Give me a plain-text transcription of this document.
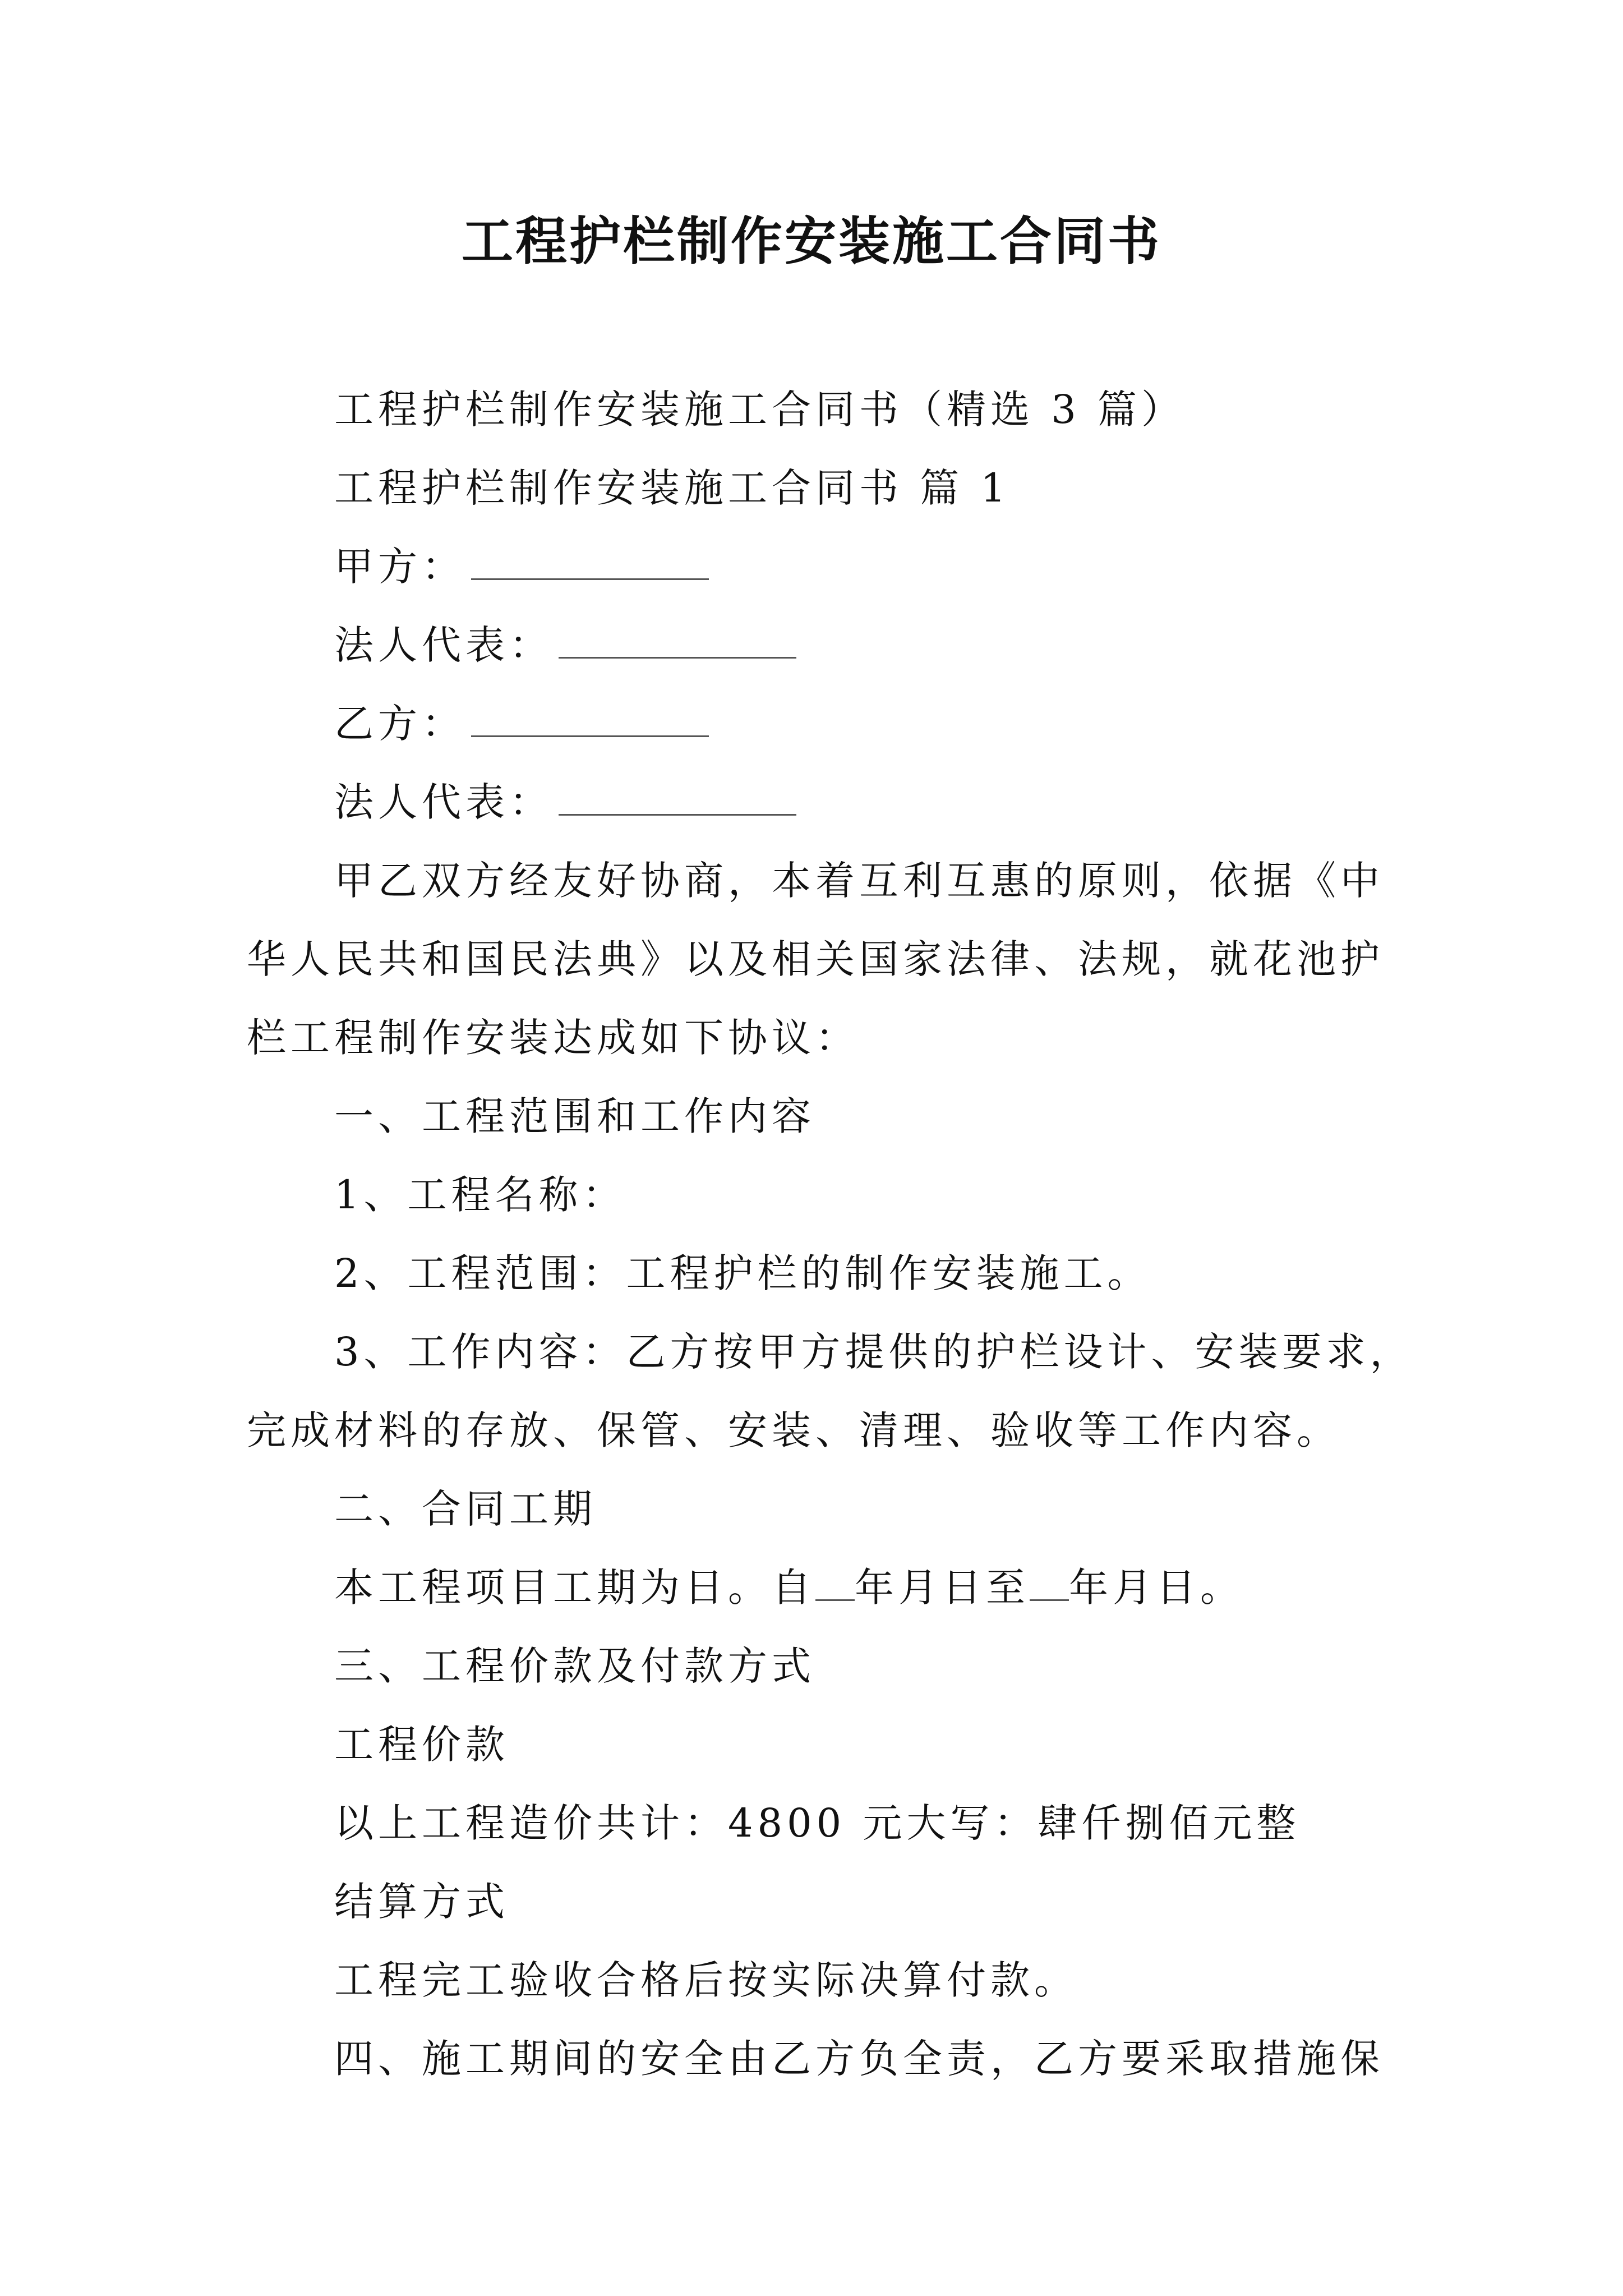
工程护栏制作安装施工合同书
工程护栏制作安装施工合同书（精选 3 篇）
工程护栏制作安装施工合同书 篇 1
甲方：
法人代表：
乙方：
法人代表：
甲乙双方经友好协商，本着互利互惠的原则，依据《中
华人民共和国民法典》以及相关国家法律、法规，就花池护
栏工程制作安装达成如下协议：
一、工程范围和工作内容
1、工程名称：
2、工程范围：工程护栏的制作安装施工。
3、工作内容：乙方按甲方提供的护栏设计、安装要求，
完成材料的存放、保管、安装、清理、验收等工作内容。
二、合同工期
本工程项目工期为日。自 年月日至 年月日。
三、工程价款及付款方式
工程价款
以上工程造价共计：4800 元大写：肆仟捌佰元整
结算方式
工程完工验收合格后按实际决算付款。
四、施工期间的安全由乙方负全责，乙方要采取措施保
